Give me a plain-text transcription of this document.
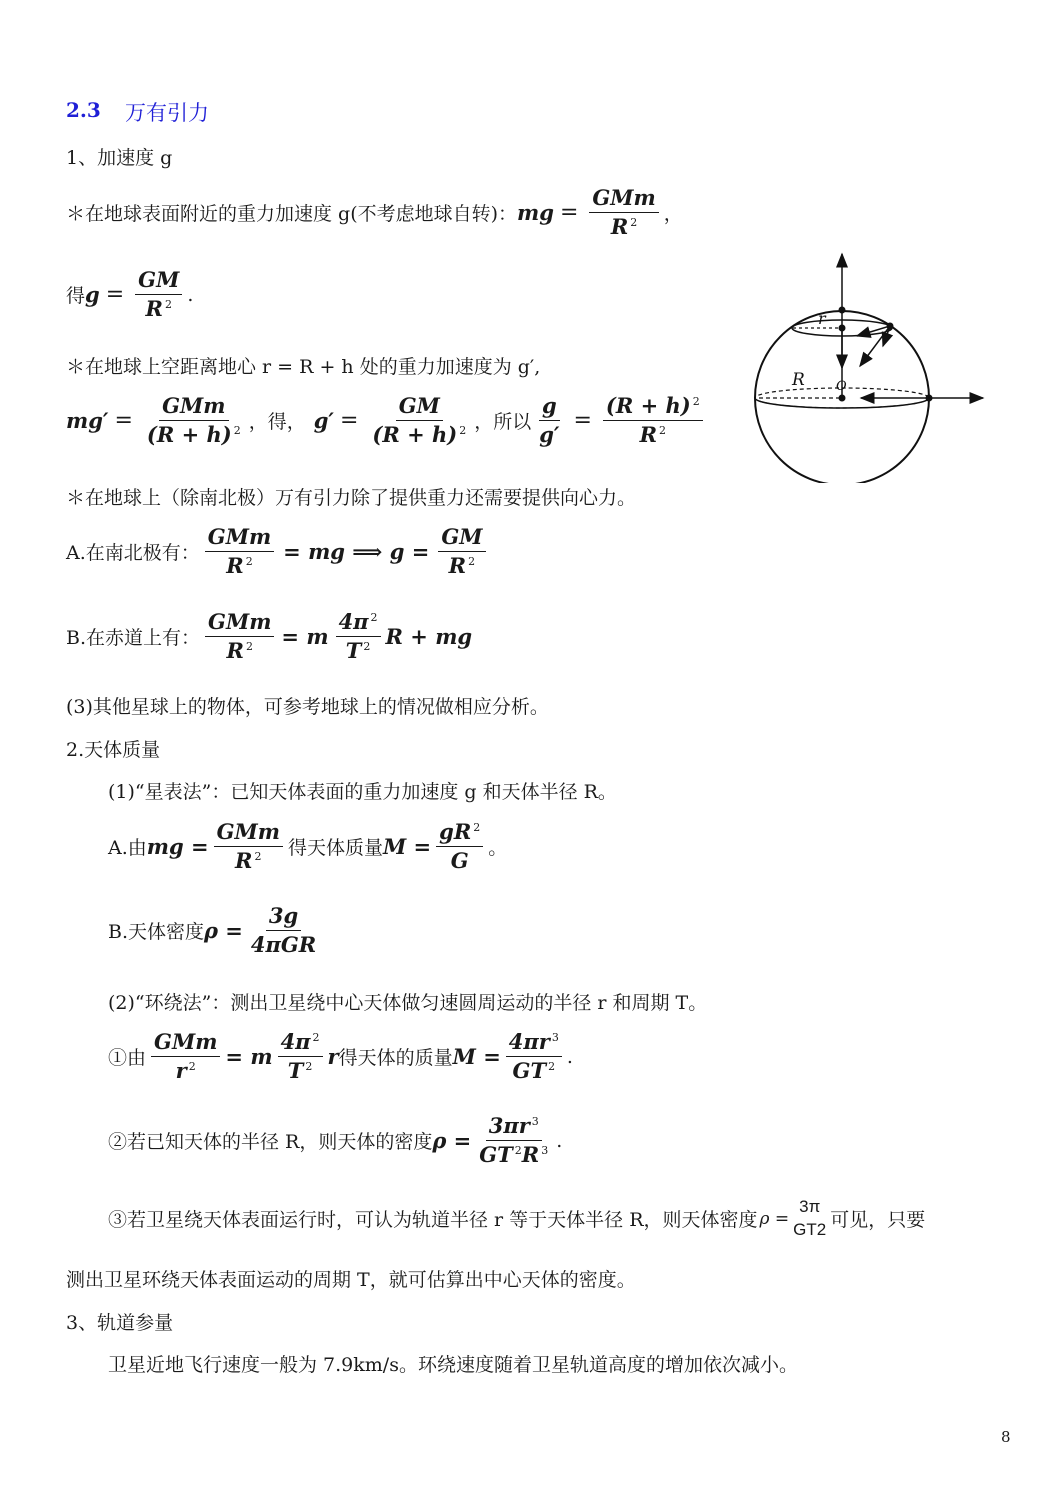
2.3 万有引力
1、加速度 g
＊在地球表面附近的重力加速度 g(不考虑地球自转)： mg = $\frac{\text{GMm}}{R ^2}$ ，
得 $g = \frac{GM}{R ^2}$ .
＊在地球上空距离地心 r = R + h 处的重力加速度为 g′,
$mg' = \frac{\text{GMm}}{(R + h) ^2}$ ，得， $g' = \frac{GM}{(R + h) ^2}$ ，所以 $\frac{g}{g'} = \frac{(R + h) ^2}{R ^2}$
r
R O
＊在地球上（除南北极）万有引力除了提供重力还需要提供向心力。
A.在南北极有： $\frac{\text{GMm}}{R ^2}$ = mg ⟹ $g = \frac{GM}{R ^2}$
B.在赤道上有： $\frac{\text{GMm}}{R ^2} = m \frac{4\pi ^2}{T ^2}$ R + mg
(3)其他星球上的物体，可参考地球上的情况做相应分析。
2.天体质量
(1)“星表法”：已知天体表面的重力加速度 g 和天体半径 R。
A.由 mg = $\frac{\text{GMm}}{R ^2}$ 得天体质量 $M = \frac{gR ^2}{G}$ 。
B.天体密度 $\rho = \frac{3g}{\text{4πGR}}$
(2)“环绕法”：测出卫星绕中心天体做匀速圆周运动的半径 r 和周期 T。
①由 $\frac{\text{GMm}}{r ^2} = m \frac{4\pi ^2}{T ^2}$ r 得天体的质量 $M = \frac{4\pi r ^3}{GT ^2}$ .
②若已知天体的半径 R，则天体的密度 $\rho = \frac{3\pi r ^3}{GT ^2R ^3}$ .
③若卫星绕天体表面运行时，可认为轨道半径 r 等于天体半径 R，则天体密度 ρ =
3π
GT2 可见，只要
测出卫星环绕天体表面运动的周期 T，就可估算出中心天体的密度。
3、轨道参量
卫星近地飞行速度一般为 7.9km/s。环绕速度随着卫星轨道高度的增加依次减小。
8
